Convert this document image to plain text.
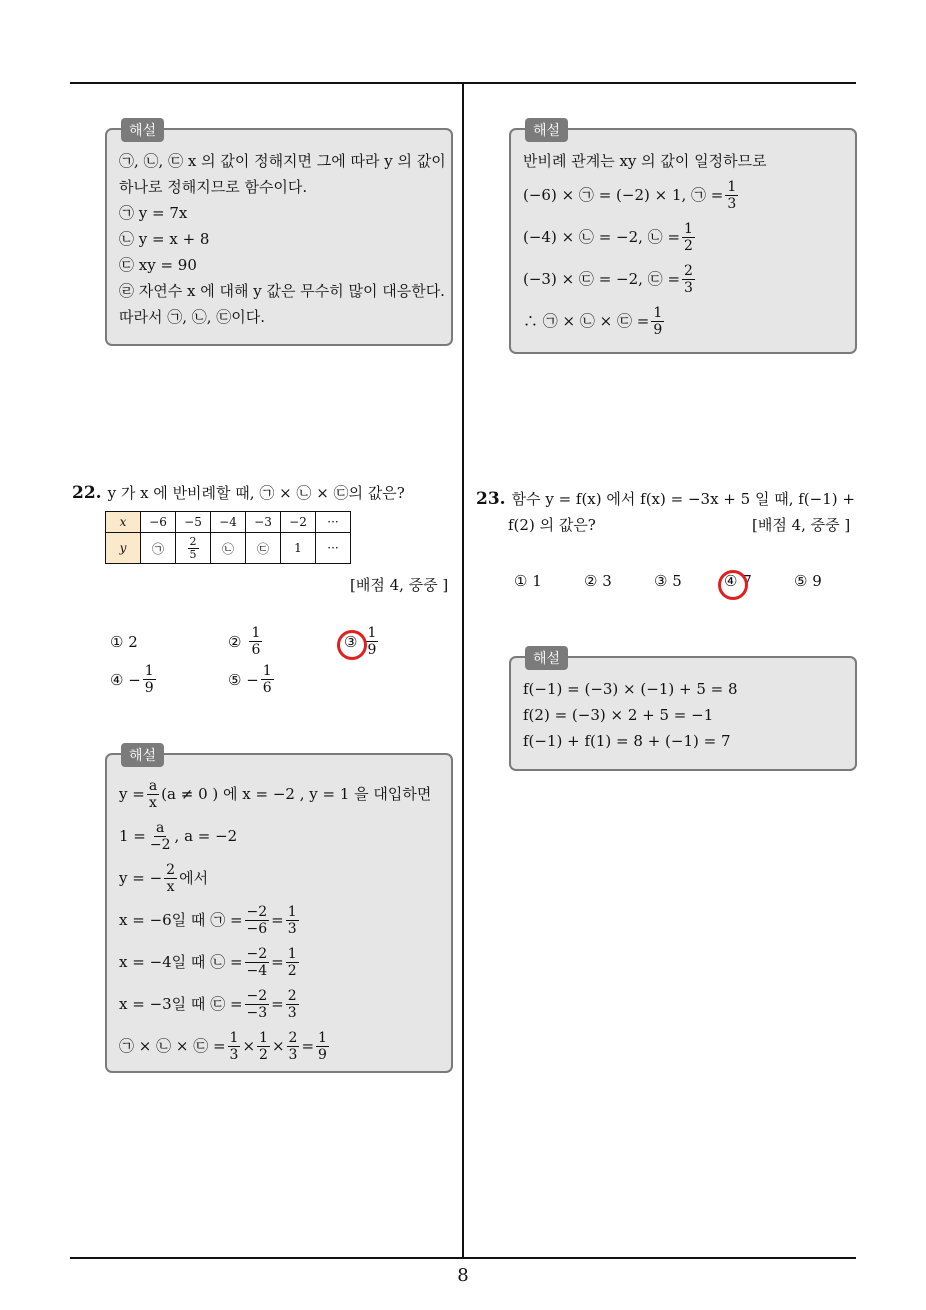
해설
㉠, ㉡, ㉢ x 의 값이 정해지면 그에 따라 y 의 값이
하나로 정해지므로 함수이다.
㉠ y = 7x
㉡ y = x + 8
㉢ xy = 90
㉣ 자연수 x 에 대해 y 값은 무수히 많이 대응한다.
따라서 ㉠, ㉡, ㉢이다.
22. y 가 x 에 반비례할 때, ㉠ × ㉡ × ㉢의 값은?
x	−6	−5	−4	−3	−2	···
y	㉠	$\frac{2}{5}$	㉡	㉢	1	···
[배점 4, 중중 ]
① 2	② $\frac{1}{6}$	③ $\frac{1}{9}$
④ − $\frac{1}{9}$	⑤ − $\frac{1}{6}$
해설
$y = \frac{a}{x} (a \ne 0$ ) 에 x = −2 , y = 1 을 대입하면
$1 = \frac{a}{-2}$ , a = −2
y = − $\frac{2}{x}$ 에서
x = −6일 때 ㉠ = $\frac{-2}{-6} = \frac{1}{3}$
x = −4일 때 ㉡ = $\frac{-2}{-4} = \frac{1}{2}$
x = −3일 때 ㉢ = $\frac{-2}{-3} = \frac{2}{3}$
㉠ × ㉡ × ㉢ = $\frac{1}{3} \times \frac{1}{2} \times \frac{2}{3} = \frac{1}{9}$
해설
반비례 관계는 xy 의 값이 일정하므로
(−6) × ㉠ = (−2) × 1, ㉠ = $\frac{1}{3}$
(−4) × ㉡ = −2, ㉡ = $\frac{1}{2}$
(−3) × ㉢ = −2, ㉢ = $\frac{2}{3}$
∴ ㉠ × ㉡ × ㉢ = $\frac{1}{9}$
23. 함수 y = f(x) 에서 f(x) = −3x + 5 일 때, f(−1) +
f(2) 의 값은?	[배점 4, 중중 ]
① 1	② 3	③ 5	④ 7	⑤ 9
해설
f(−1) = (−3) × (−1) + 5 = 8
f(2) = (−3) × 2 + 5 = −1
f(−1) + f(1) = 8 + (−1) = 7
8
